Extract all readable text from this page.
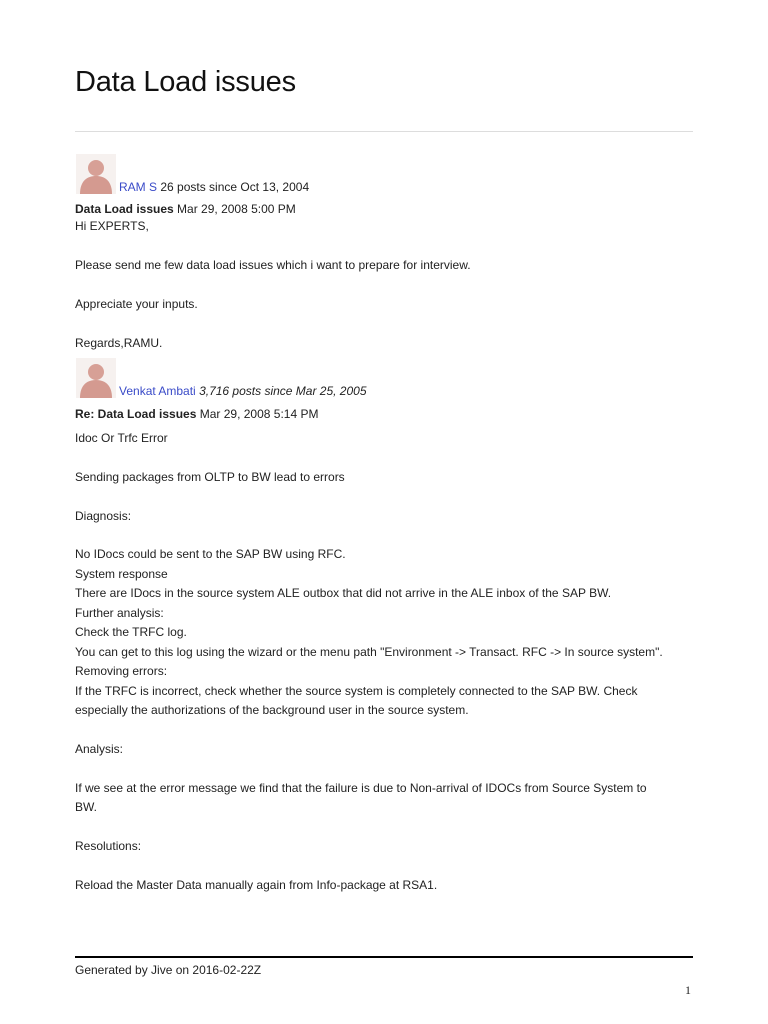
Data Load issues
RAM S 26 posts since Oct 13, 2004

Data Load issues Mar 29, 2008 5:00 PM

Hi EXPERTS,

Please send me few data load issues which i want to prepare for interview.

Appreciate your inputs.

Regards,RAMU.

Venkat Ambati 3,716 posts since Mar 25, 2005

Re: Data Load issues Mar 29, 2008 5:14 PM

Idoc Or Trfc Error

Sending packages from OLTP to BW lead to errors

Diagnosis:

No IDocs could be sent to the SAP BW using RFC.

System response

There are IDocs in the source system ALE outbox that did not arrive in the ALE inbox of the SAP BW.

Further analysis:

Check the TRFC log.

You can get to this log using the wizard or the menu path "Environment -> Transact. RFC -> In source system".

Removing errors:

If the TRFC is incorrect, check whether the source system is completely connected to the SAP BW. Check

especially the authorizations of the background user in the source system.

Analysis:

If we see at the error message we find that the failure is due to Non-arrival of IDOCs from Source System to

BW.

Resolutions:

Reload the Master Data manually again from Info-package at RSA1.

Generated by Jive on 2016-02-22Z
1
